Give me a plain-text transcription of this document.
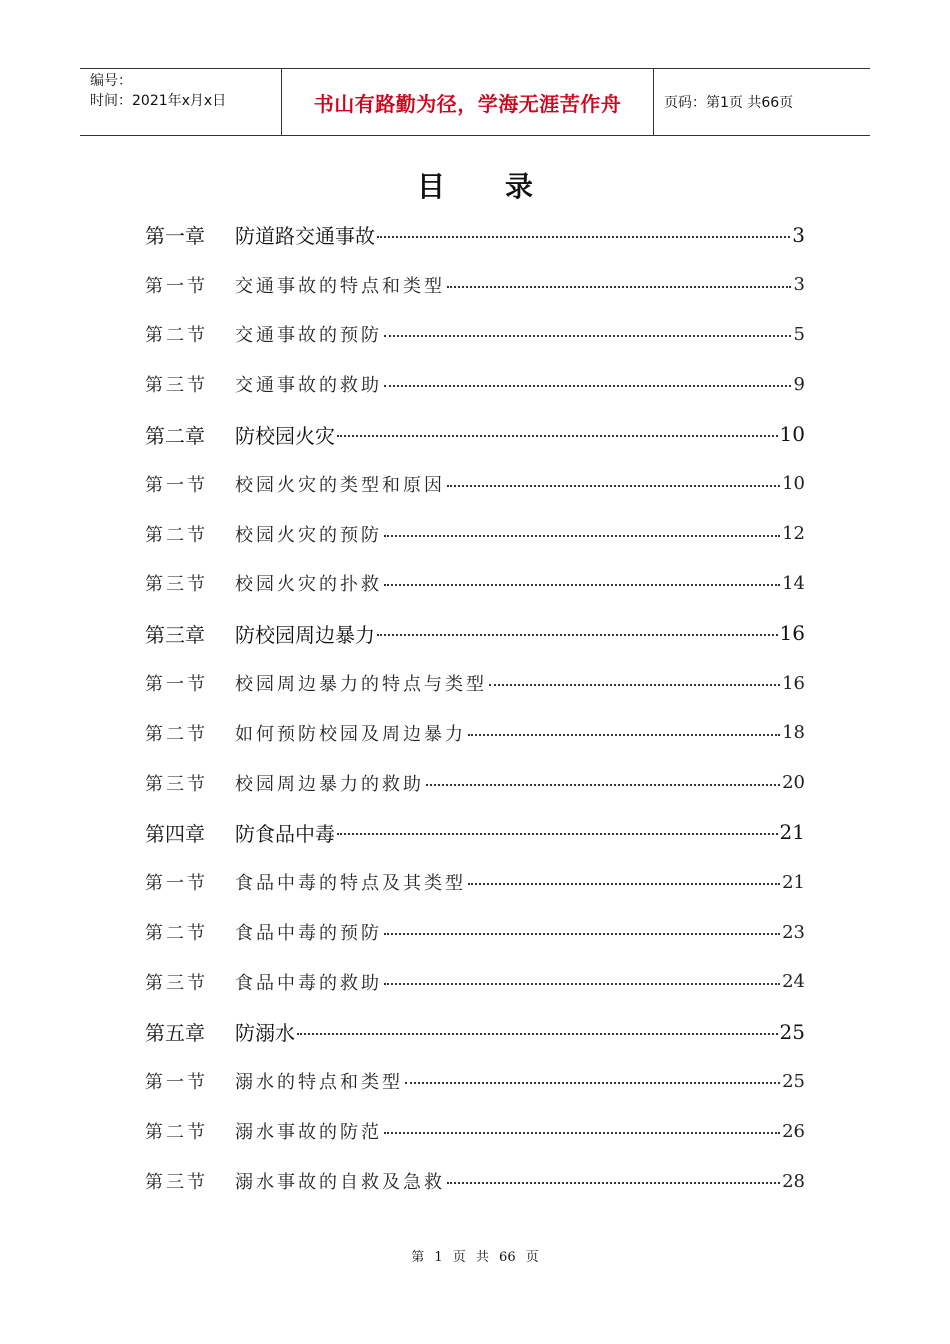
编号：
时间：2021年x月x日	书山有路勤为径，学海无涯苦作舟	页码：第1页 共66页
目录
第一章	防道路交通事故	3
第一节	交通事故的特点和类型	3
第二节	交通事故的预防	5
第三节	交通事故的救助	9
第二章	防校园火灾	10
第一节	校园火灾的类型和原因	10
第二节	校园火灾的预防	12
第三节	校园火灾的扑救	14
第三章	防校园周边暴力	16
第一节	校园周边暴力的特点与类型	16
第二节	如何预防校园及周边暴力	18
第三节	校园周边暴力的救助	20
第四章	防食品中毒	21
第一节	食品中毒的特点及其类型	21
第二节	食品中毒的预防	23
第三节	食品中毒的救助	24
第五章	防溺水	25
第一节	溺水的特点和类型	25
第二节	溺水事故的防范	26
第三节	溺水事故的自救及急救	28
第 1 页 共 66 页
